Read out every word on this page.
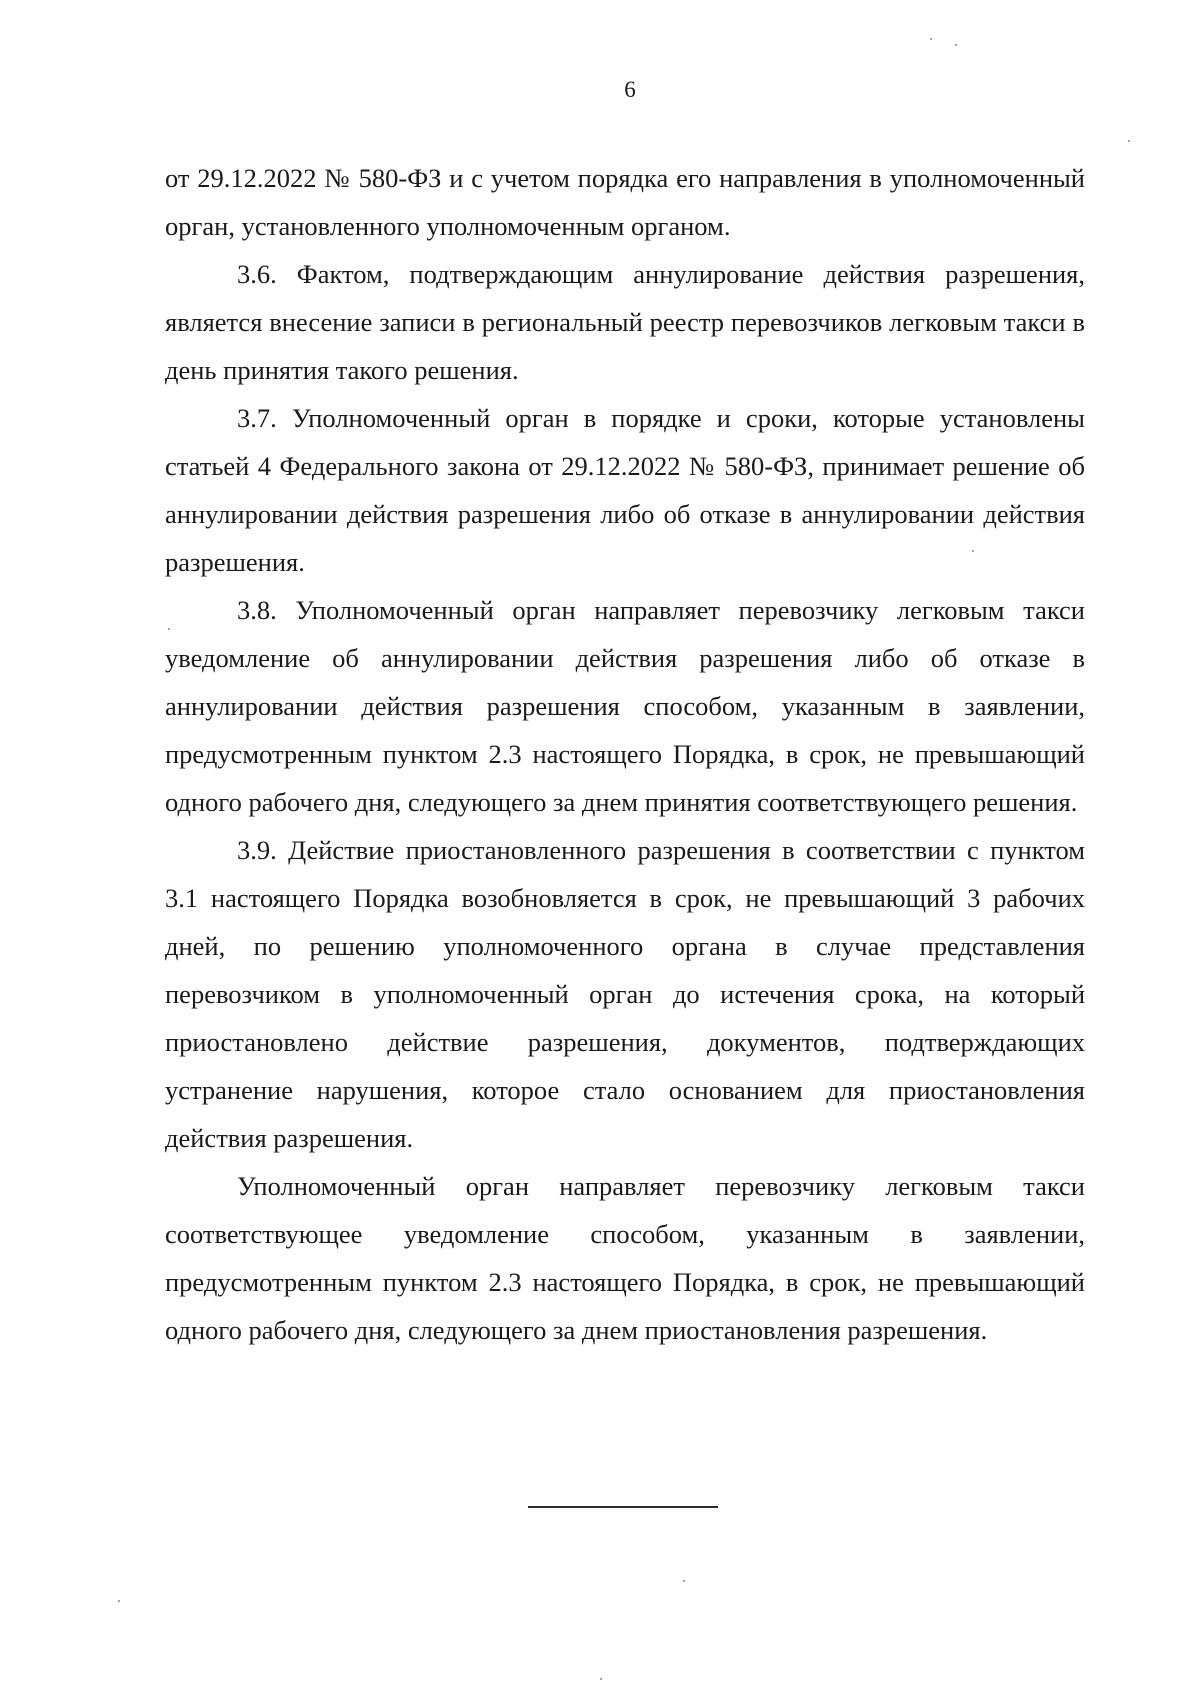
6

от 29.12.2022 № 580-ФЗ и с учетом порядка его направления в уполномоченный орган, установленного уполномоченным органом.

3.6. Фактом, подтверждающим аннулирование действия разрешения, является внесение записи в региональный реестр перевозчиков легковым такси в день принятия такого решения.

3.7. Уполномоченный орган в порядке и сроки, которые установлены статьей 4 Федерального закона от 29.12.2022 № 580-ФЗ, принимает решение об аннулировании действия разрешения либо об отказе в аннулировании действия разрешения.

3.8. Уполномоченный орган направляет перевозчику легковым такси уведомление об аннулировании действия разрешения либо об отказе в аннулировании действия разрешения способом, указанным в заявлении, предусмотренным пунктом 2.3 настоящего Порядка, в срок, не превышающий одного рабочего дня, следующего за днем принятия соответствующего решения.

3.9. Действие приостановленного разрешения в соответствии с пунктом 3.1 настоящего Порядка возобновляется в срок, не превышающий 3 рабочих дней, по решению уполномоченного органа в случае представления перевозчиком в уполномоченный орган до истечения срока, на который приостановлено действие разрешения, документов, подтверждающих устранение нарушения, которое стало основанием для приостановления действия разрешения.

Уполномоченный орган направляет перевозчику легковым такси соответствующее уведомление способом, указанным в заявлении, предусмотренным пунктом 2.3 настоящего Порядка, в срок, не превышающий одного рабочего дня, следующего за днем приостановления разрешения.
